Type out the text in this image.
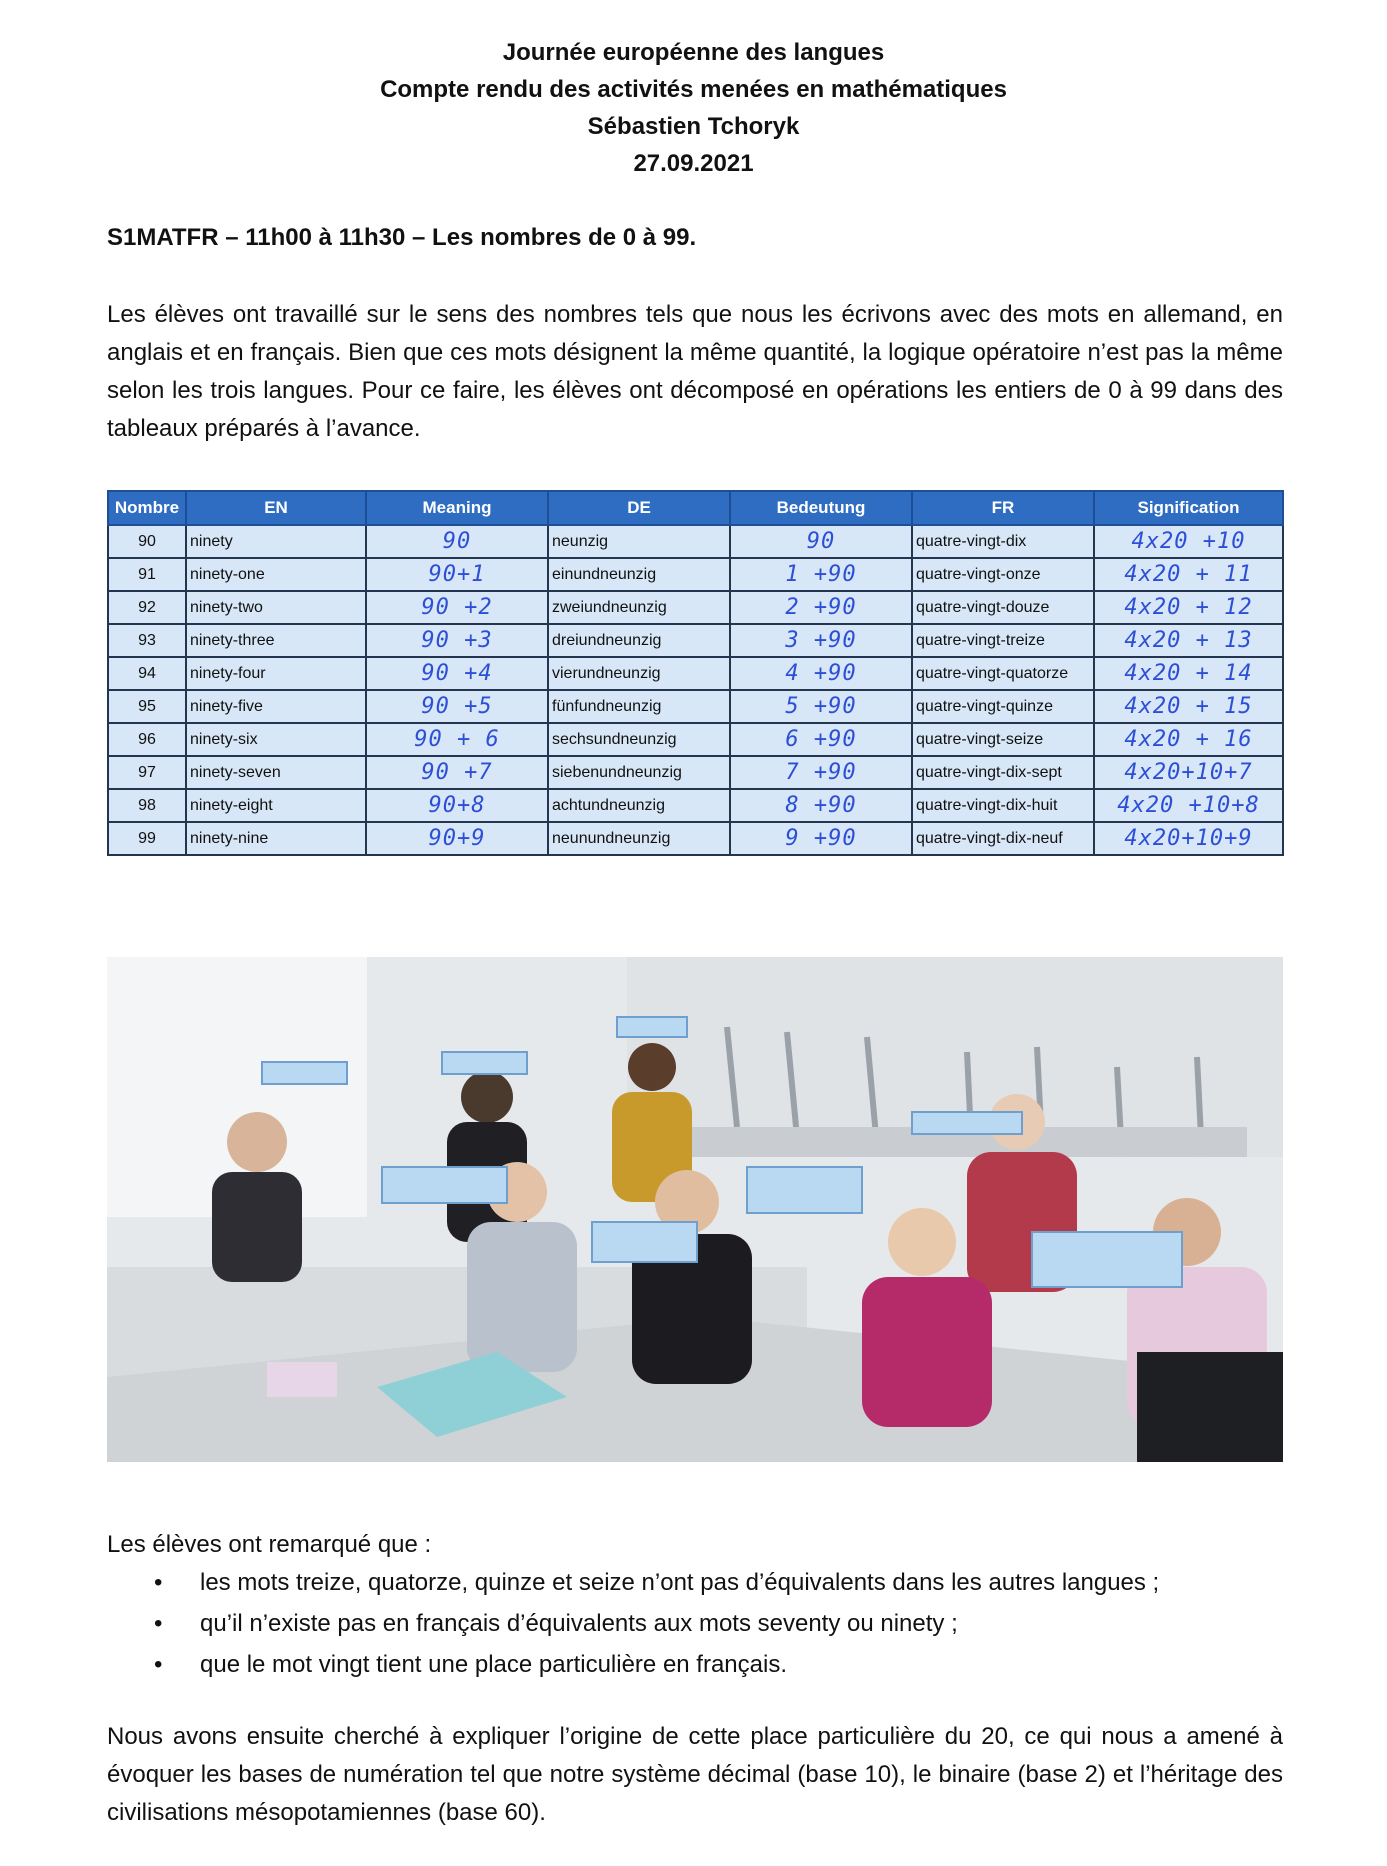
Journée européenne des langues
Compte rendu des activités menées en mathématiques
Sébastien Tchoryk
27.09.2021
S1MATFR – 11h00 à 11h30 – Les nombres de 0 à 99.
Les élèves ont travaillé sur le sens des nombres tels que nous les écrivons avec des mots en allemand, en anglais et en français. Bien que ces mots désignent la même quantité, la logique opératoire n’est pas la même selon les trois langues. Pour ce faire, les élèves ont décomposé en opérations les entiers de 0 à 99 dans des tableaux préparés à l’avance.
Nombre	EN	Meaning	DE	Bedeutung	FR	Signification
90	ninety	90	neunzig	90	quatre-vingt-dix	4x20 +10
91	ninety-one	90+1	einundneunzig	1 +90	quatre-vingt-onze	4x20 + 11
92	ninety-two	90 +2	zweiundneunzig	2 +90	quatre-vingt-douze	4x20 + 12
93	ninety-three	90 +3	dreiundneunzig	3 +90	quatre-vingt-treize	4x20 + 13
94	ninety-four	90 +4	vierundneunzig	4 +90	quatre-vingt-quatorze	4x20 + 14
95	ninety-five	90 +5	fünfundneunzig	5 +90	quatre-vingt-quinze	4x20 + 15
96	ninety-six	90 + 6	sechsundneunzig	6 +90	quatre-vingt-seize	4x20 + 16
97	ninety-seven	90 +7	siebenundneunzig	7 +90	quatre-vingt-dix-sept	4x20+10+7
98	ninety-eight	90+8	achtundneunzig	8 +90	quatre-vingt-dix-huit	4x20 +10+8
99	ninety-nine	90+9	neunundneunzig	9 +90	quatre-vingt-dix-neuf	4x20+10+9
Les élèves ont remarqué que :
• les mots treize, quatorze, quinze et seize n’ont pas d’équivalents dans les autres langues ;
• qu’il n’existe pas en français d’équivalents aux mots seventy ou ninety ;
• que le mot vingt tient une place particulière en français.
Nous avons ensuite cherché à expliquer l’origine de cette place particulière du 20, ce qui nous a amené à évoquer les bases de numération tel que notre système décimal (base 10), le binaire (base 2) et l’héritage des civilisations mésopotamiennes (base 60).
